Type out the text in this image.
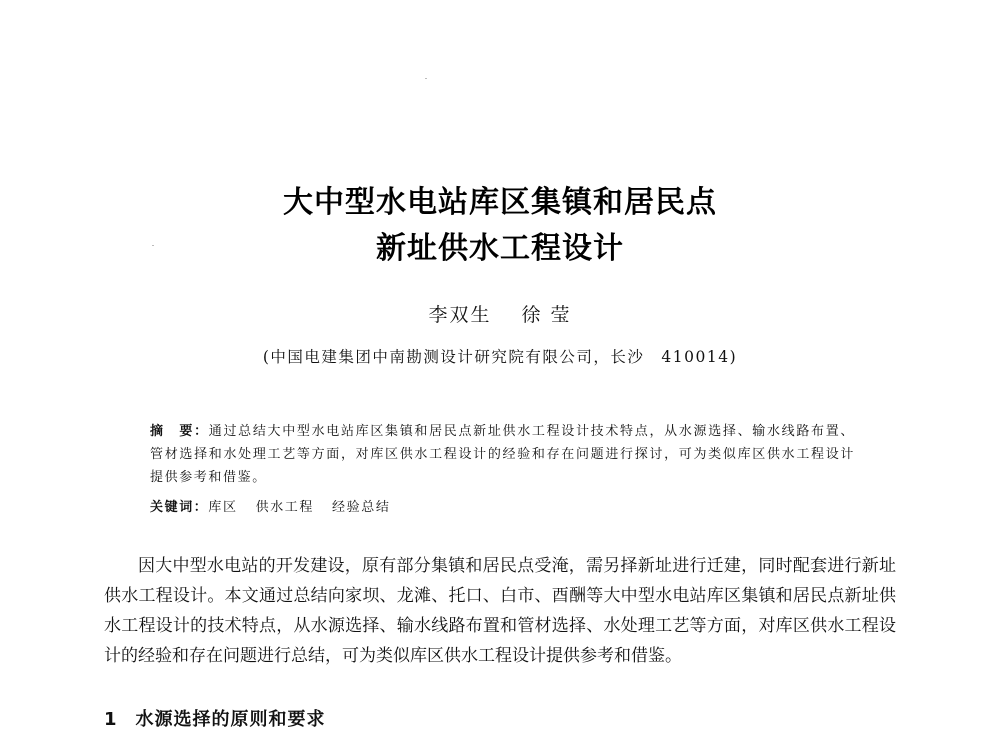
大中型水电站库区集镇和居民点
新址供水工程设计
李双生 徐 莹
(中国电建集团中南勘测设计研究院有限公司，长沙　410014)
摘　要：通过总结大中型水电站库区集镇和居民点新址供水工程设计技术特点，从水源选择、输水线路布置、管材选择和水处理工艺等方面，对库区供水工程设计的经验和存在问题进行探讨，可为类似库区供水工程设计提供参考和借鉴。
关键词：库区 供水工程 经验总结
因大中型水电站的开发建设，原有部分集镇和居民点受淹，需另择新址进行迁建，同时配套进行新址供水工程设计。本文通过总结向家坝、龙滩、托口、白市、酉酬等大中型水电站库区集镇和居民点新址供水工程设计的技术特点，从水源选择、输水线路布置和管材选择、水处理工艺等方面，对库区供水工程设计的经验和存在问题进行总结，可为类似库区供水工程设计提供参考和借鉴。
1 水源选择的原则和要求
